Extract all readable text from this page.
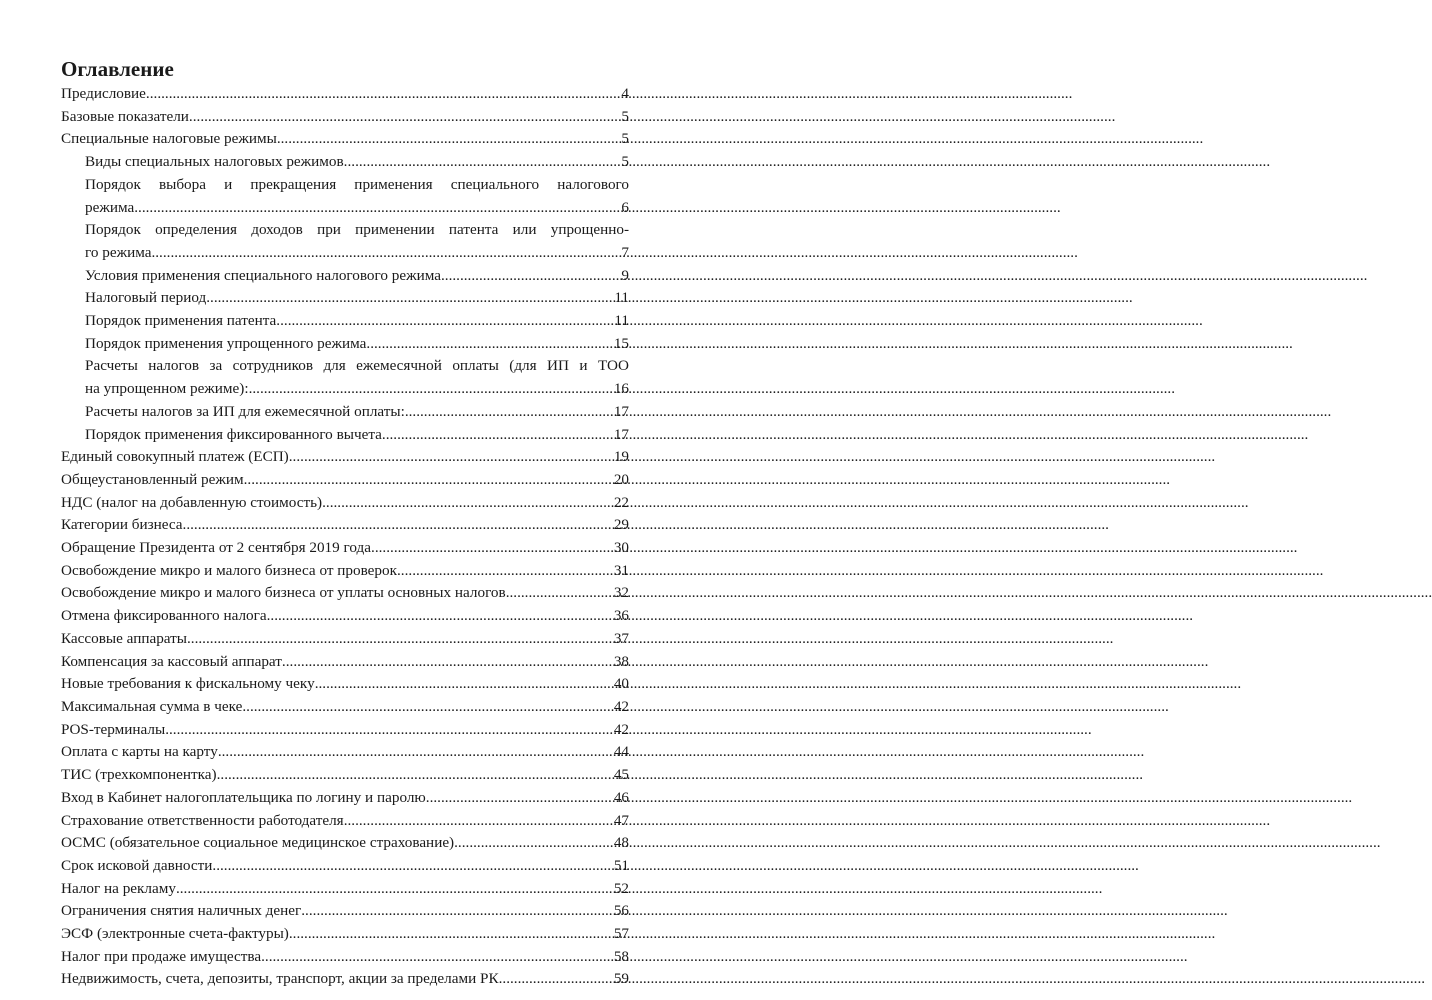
Оглавление
Предисловие .....	4
Базовые показатели .....	5
Специальные налоговые режимы .....	5
Виды специальных налоговых режимов .....	5
Порядок выбора и прекращения применения специального налогового
режима .....	6
Порядок определения доходов при применении патента или упрощенно-
го режима .....	7
Условия применения специального налогового режима .....	9
Налоговый период .....	11
Порядок применения патента .....	11
Порядок применения упрощенного режима .....	15
Расчеты налогов за сотрудников для ежемесячной оплаты (для ИП и ТОО
на упрощенном режиме): .....	16
Расчеты налогов за ИП для ежемесячной оплаты: .....	17
Порядок применения фиксированного вычета .....	17
Единый совокупный платеж (ЕСП) .....	19
Общеустановленный режим .....	20
НДС (налог на добавленную стоимость) .....	22
Категории бизнеса .....	29
Обращение Президента от 2 сентября 2019 года .....	30
Освобождение микро и малого бизнеса от проверок .....	31
Освобождение микро и малого бизнеса от уплаты основных налогов .....	32
Отмена фиксированного налога .....	36
Кассовые аппараты .....	37
Компенсация за кассовый аппарат .....	38
Новые требования к фискальному чеку .....	40
Максимальная сумма в чеке .....	42
POS-терминалы .....	42
Оплата с карты на карту .....	44
ТИС (трехкомпонентка) .....	45
Вход в Кабинет налогоплательщика по логину и паролю .....	46
Страхование ответственности работодателя .....	47
ОСМС (обязательное социальное медицинское страхование) .....	48
Срок исковой давности .....	51
Налог на рекламу .....	52
Ограничения снятия наличных денег .....	56
ЭСФ (электронные счета-фактуры) .....	57
Налог при продаже имущества .....	58
Недвижимость, счета, депозиты, транспорт, акции за пределами РК .....	59
